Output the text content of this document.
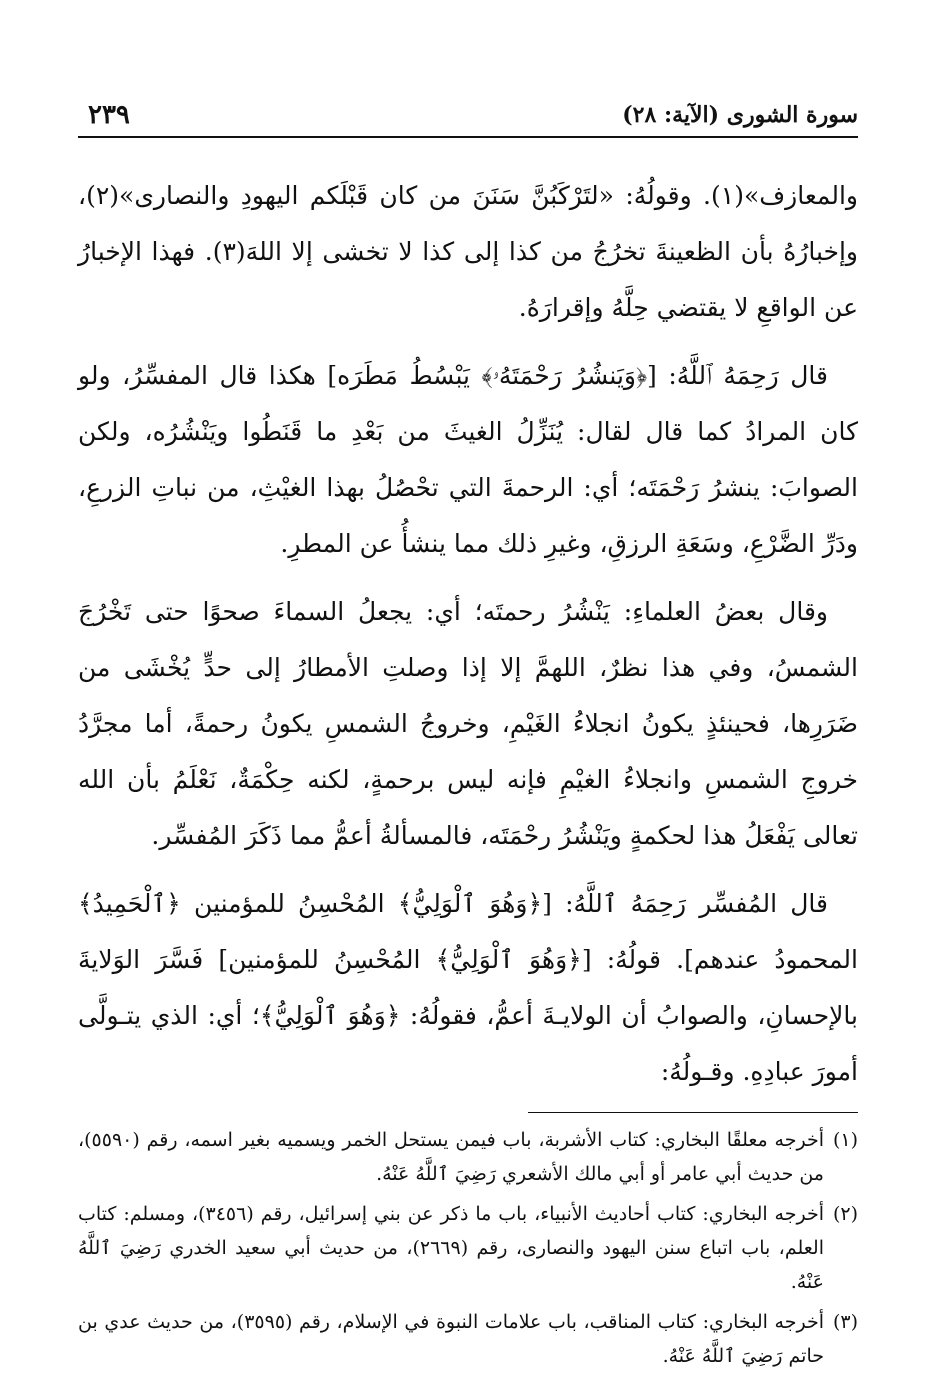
سورة الشورى (الآية: ٢٨)
٢٣٩

والمعازف»(١). وقولُهُ: «لتَرْكَبُنَّ سَنَنَ من كان قَبْلَكم اليهودِ والنصارى»(٢)، وإخبارُهُ بأن الظعينةَ تخرُجُ من كذا إلى كذا لا تخشى إلا اللهَ(٣). فهذا الإخبارُ عن الواقعِ لا يقتضي حِلَّهُ وإقرارَهُ.

قال رَحِمَهُ ٱللَّهُ: [﴿وَيَنشُرُ رَحْمَتَهُۥ﴾ يَبْسُطُ مَطَرَه] هكذا قال المفسِّرُ، ولو كان المرادُ كما قال لقال: يُنَزِّلُ الغيثَ من بَعْدِ ما قَنَطُوا ويَنْشُرُه، ولكن الصوابَ: ينشرُ رَحْمَتَه؛ أي: الرحمةَ التي تحْصُلُ بهذا الغيْثِ، من نباتِ الزرعِ، ودَرِّ الضَّرْعِ، وسَعَةِ الرزقِ، وغيرِ ذلك مما ينشأُ عن المطرِ.

وقال بعضُ العلماءِ: يَنْشُرُ رحمتَه؛ أي: يجعلُ السماءَ صحوًا حتى تَخْرُجَ الشمسُ، وفي هذا نظرٌ، اللهمَّ إلا إذا وصلتِ الأمطارُ إلى حدٍّ يُخْشَى من ضَرَرِها، فحينئذٍ يكونُ انجلاءُ الغَيْمِ، وخروجُ الشمسِ يكونُ رحمةً، أما مجرَّدُ خروجِ الشمسِ وانجلاءُ الغيْمِ فإنه ليس برحمةٍ، لكنه حِكْمَةٌ، نَعْلَمُ بأن الله تعالى يَفْعَلُ هذا لحكمةٍ ويَنْشُرُ رحْمَتَه، فالمسألةُ أعمُّ مما ذَكَرَ المُفسِّر.

قال المُفسِّر رَحِمَهُ ٱللَّهُ: [﴿وَهُوَ ٱلْوَلِيُّ﴾ المُحْسِنُ للمؤمنين ﴿ٱلْحَمِيدُ﴾ المحمودُ عندهم]. قولُهُ: [﴿وَهُوَ ٱلْوَلِيُّ﴾ المُحْسِنُ للمؤمنين] فَسَّرَ الوَلايةَ بالإحسانِ، والصوابُ أن الولايـةَ أعمُّ، فقولُهُ: ﴿وَهُوَ ٱلْوَلِيُّ﴾؛ أي: الذي يتـولَّى أمورَ عبادِهِ. وقـولُهُ:

(١)
أخرجه معلقًا البخاري: كتاب الأشربة، باب فيمن يستحل الخمر ويسميه بغير اسمه، رقم (٥٥٩٠)، من حديث أبي عامر أو أبي مالك الأشعري رَضِيَ ٱللَّهُ عَنْهُ.

(٢)
أخرجه البخاري: كتاب أحاديث الأنبياء، باب ما ذكر عن بني إسرائيل، رقم (٣٤٥٦)، ومسلم: كتاب العلم، باب اتباع سنن اليهود والنصارى، رقم (٢٦٦٩)، من حديث أبي سعيد الخدري رَضِيَ ٱللَّهُ عَنْهُ.

(٣)
أخرجه البخاري: كتاب المناقب، باب علامات النبوة في الإسلام، رقم (٣٥٩٥)، من حديث عدي بن حاتم رَضِيَ ٱللَّهُ عَنْهُ.
